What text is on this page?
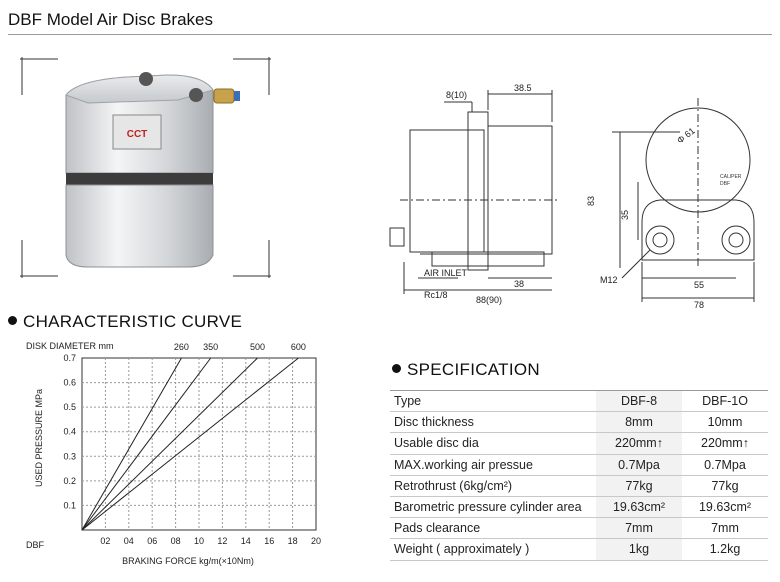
DBF Model Air Disc Brakes
CCT
8(10)
38.5
38
88(90)
AIR INLET
Rc1/8
83
35
Φ 61
CALIPER
DBF
M12	55
78
CHARACTERISTIC CURVE
DISK DIAMETER mm
02 04 06 08 10 12 14 16 18 20
0.1
0.2
0.3
0.4
0.5
0.6
0.7
260 350	500	600
DBF
BRAKING FORCE kg/m(×10Nm)
USED PRESSURE MPa
SPECIFICATION
Type	DBF-8	DBF-1O
Disc thickness	8mm	10mm
Usable disc dia	220mm↑	220mm↑
MAX.working air pressue	0.7Mpa	0.7Mpa
Retrothrust (6kg/cm²)	77kg	77kg
Barometric pressure cylinder area	19.63cm²	19.63cm²
Pads clearance	7mm	7mm
Weight ( approximately )	1kg	1.2kg
